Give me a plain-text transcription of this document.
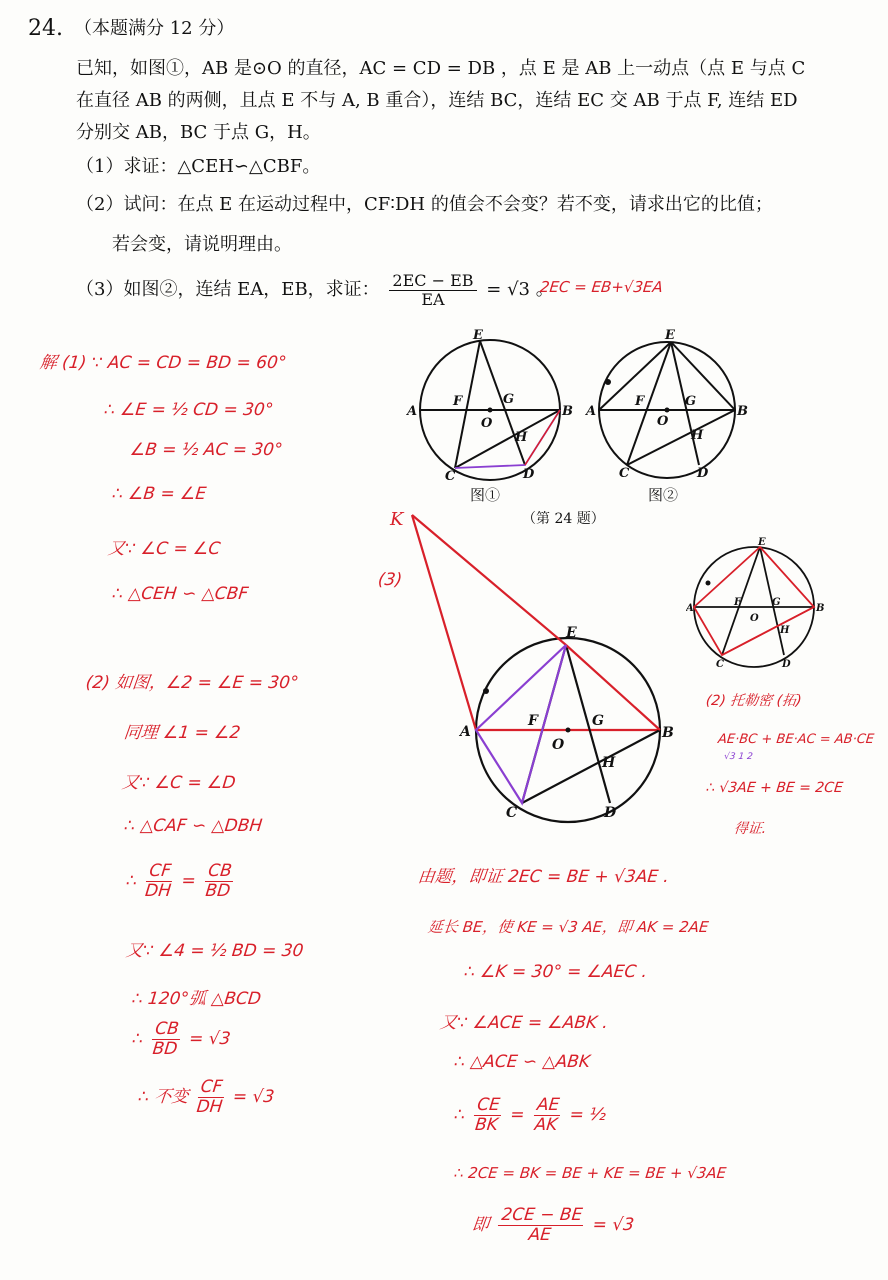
24. （本题满分 12 分）
已知，如图①，AB 是⊙O 的直径，AC = CD = DB ，点 E 是 AB 上一动点（点 E 与点 C
在直径 AB 的两侧，且点 E 不与 A, B 重合），连结 BC，连结 EC 交 AB 于点 F, 连结 ED
分别交 AB，BC 于点 G，H。
（1）求证：△CEH∽△CBF。
（2）试问：在点 E 在运动过程中，CF∶DH 的值会不会变？若不变，请求出它的比值；
若会变，请说明理由。
（3）如图②，连结 EA，EB，求证： $\frac{2EC - EB}{EA} = √3$ 。
2EC = EB+√3EA
E
A	B
F	G
O
H
C	D
E
A	B
F	G
O
H
C	D
图①	图②
（第 24 题）
E
A	B
F	G
O
H
C	D
K
E
A	B
F	G
O
H
C	D
解 (1) ∵ AC = CD = BD = 60°
∴ ∠E = ½ CD = 30°
∠B = ½ AC = 30°
∴ ∠B = ∠E
又∵ ∠C = ∠C
∴ △CEH ∽ △CBF
(2) 如图，∠2 = ∠E = 30°
同理 ∠1 = ∠2
又∵ ∠C = ∠D
∴ △CAF ∽ △DBH
∴ $\frac{CF}{DH} = \frac{CB}{BD}$
又∵ ∠4 = ½ BD = 30
∴ 120°弧 △BCD
∴ $\frac{CB}{BD} = √3$
∴ 不变 $\frac{CF}{DH} = √3$
(3)
(2) 托勒密 (拓)
AE·BC + BE·AC = AB·CE
√3 1 2
∴ √3AE + BE = 2CE
得证.
由题，即证 2EC = BE + √3AE .
延长 BE，使 KE = √3 AE，即 AK = 2AE
∴ ∠K = 30° = ∠AEC .
又∵ ∠ACE = ∠ABK .
∴ △ACE ∽ △ABK
∴ $\frac{CE}{BK} = \frac{AE}{AK}$ = ½
∴ 2CE = BK = BE + KE = BE + √3AE
即 $\frac{2CE - BE}{AE} = √3$
